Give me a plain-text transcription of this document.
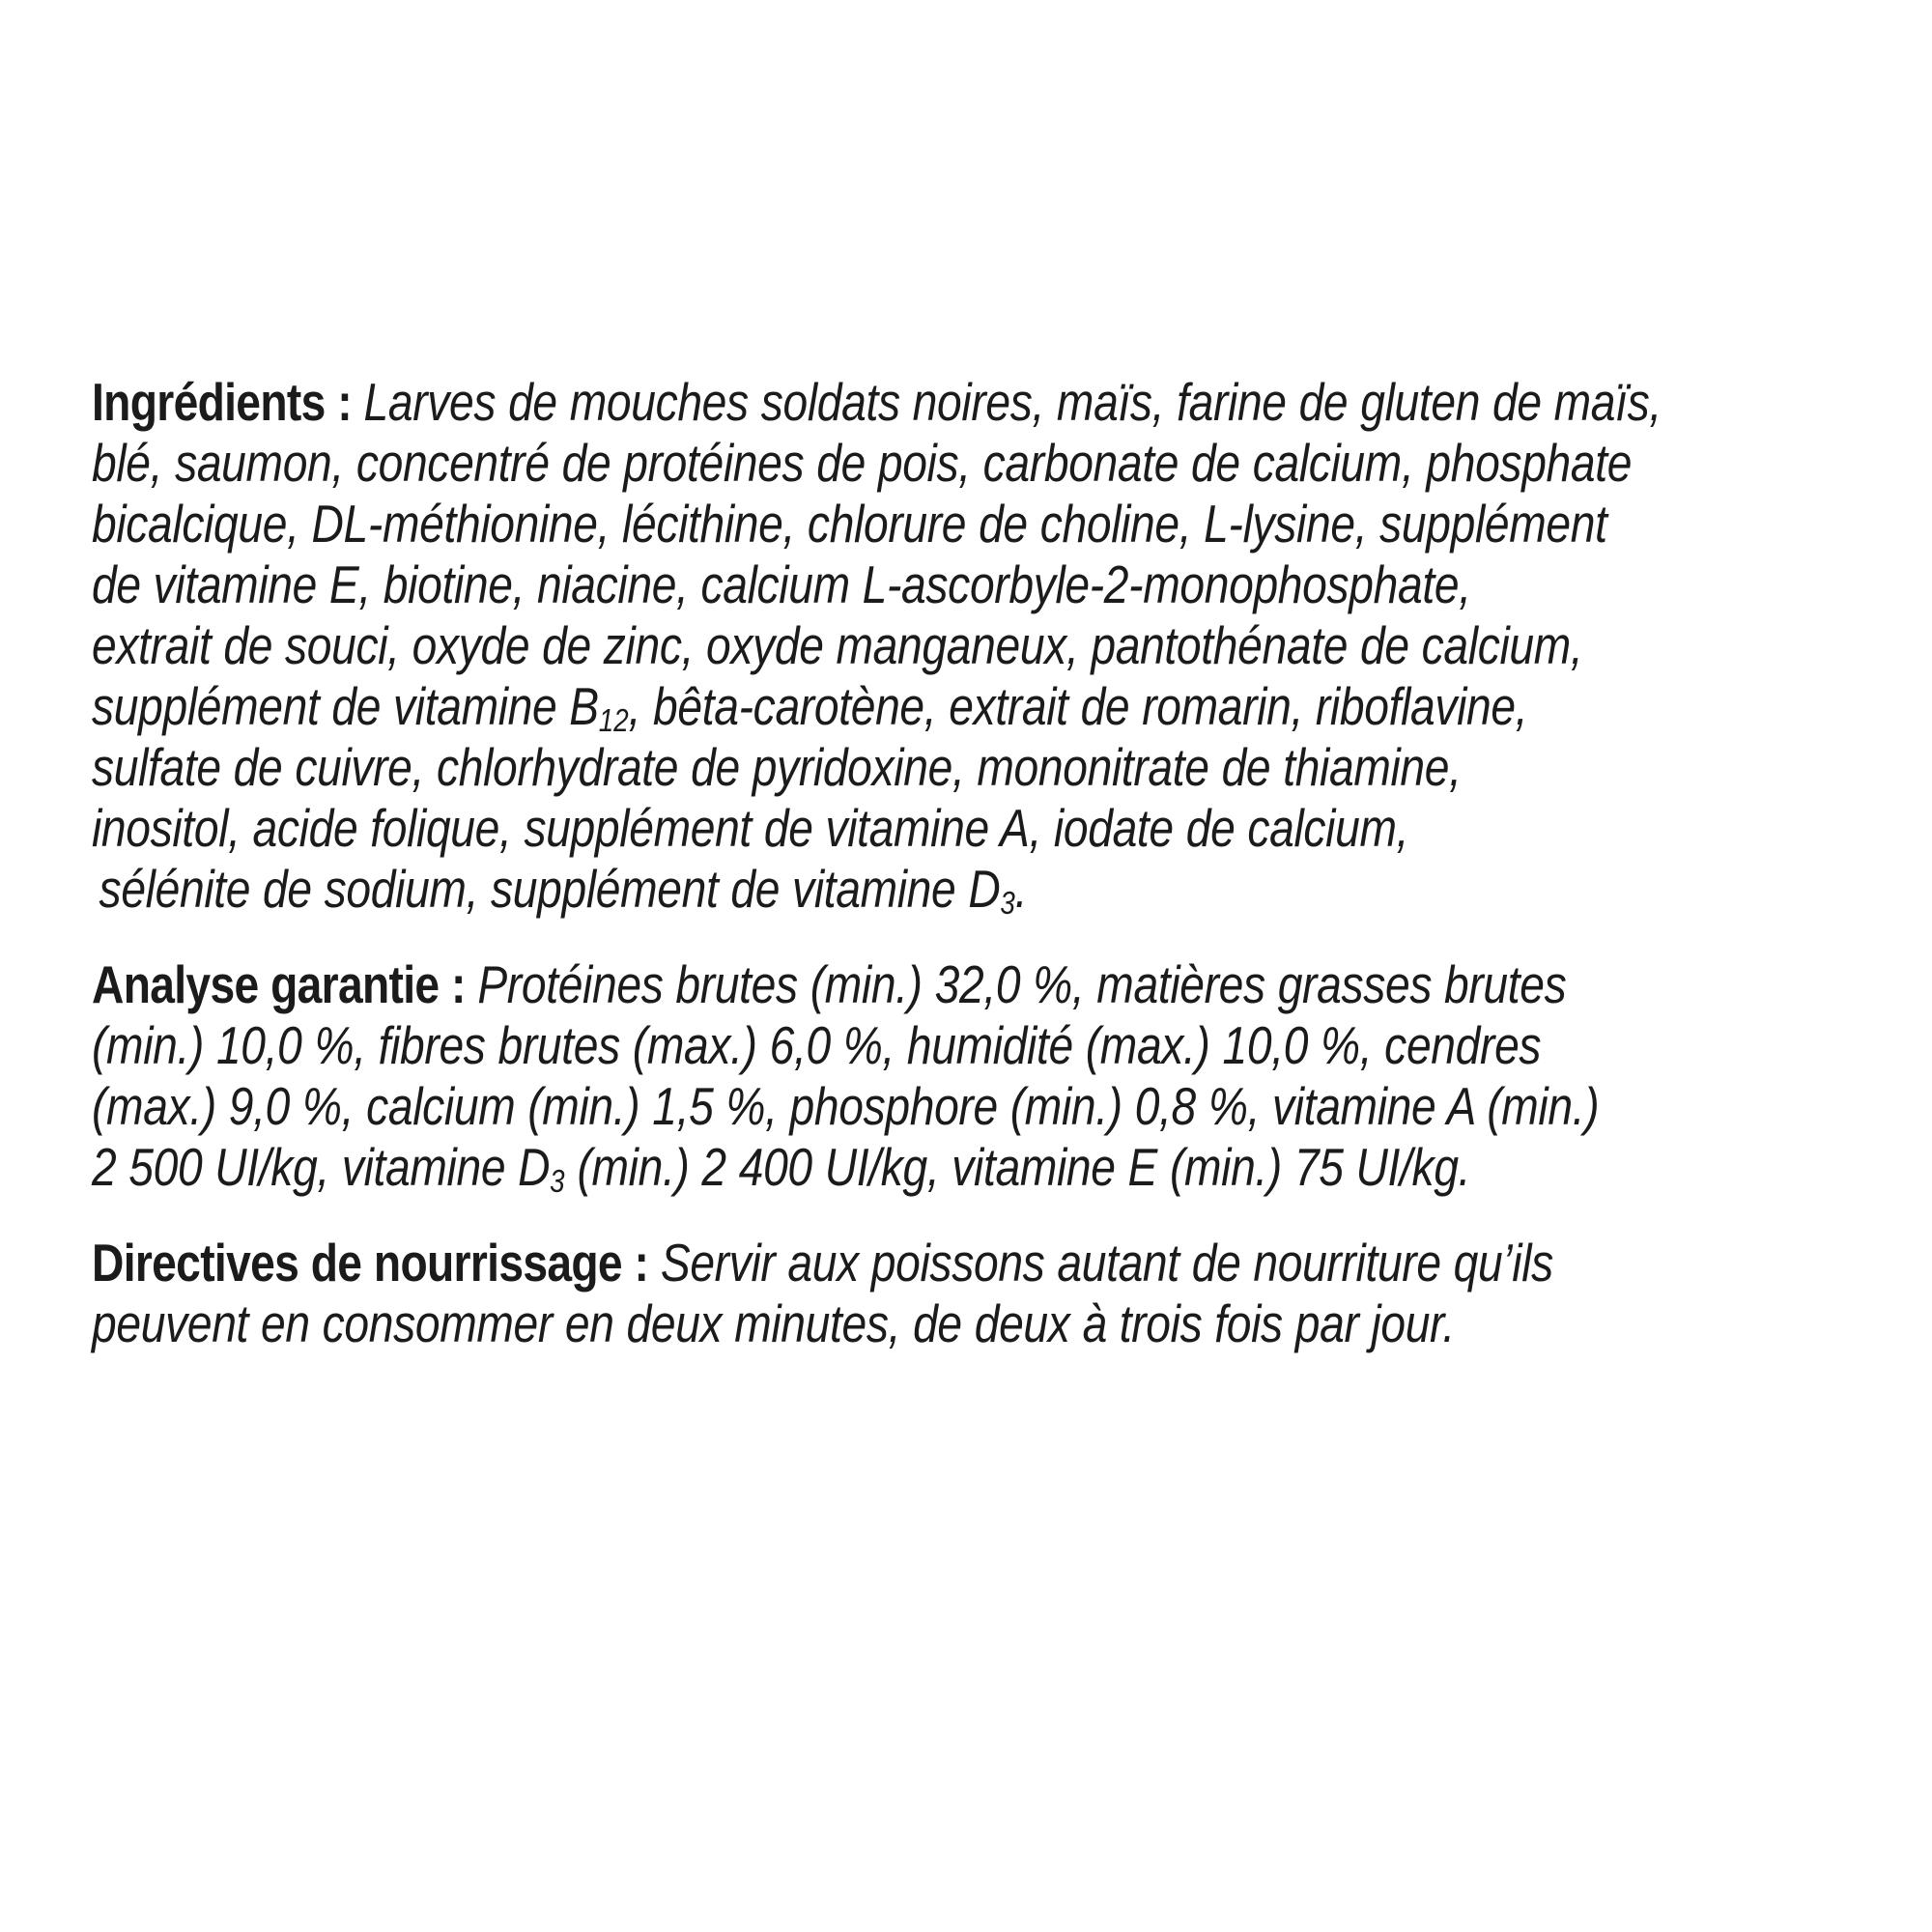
Ingrédients : Larves de mouches soldats noires, maïs, farine de gluten de maïs,
blé, saumon, concentré de protéines de pois, carbonate de calcium, phosphate
bicalcique, DL-méthionine, lécithine, chlorure de choline, L-lysine, supplément
de vitamine E, biotine, niacine, calcium L-ascorbyle-2-monophosphate,
extrait de souci, oxyde de zinc, oxyde manganeux, pantothénate de calcium,
supplément de vitamine $B_{12}$, bêta-carotène, extrait de romarin, riboflavine,
sulfate de cuivre, chlorhydrate de pyridoxine, mononitrate de thiamine,
inositol, acide folique, supplément de vitamine A, iodate de calcium,
sélénite de sodium, supplément de vitamine $D_3$.

Analyse garantie : Protéines brutes (min.) 32,0 %, matières grasses brutes
(min.) 10,0 %, fibres brutes (max.) 6,0 %, humidité (max.) 10,0 %, cendres
(max.) 9,0 %, calcium (min.) 1,5 %, phosphore (min.) 0,8 %, vitamine A (min.)
2 500 UI/kg, vitamine $D_3$ (min.) 2 400 UI/kg, vitamine E (min.) 75 UI/kg.

Directives de nourrissage : Servir aux poissons autant de nourriture qu’ils
peuvent en consommer en deux minutes, de deux à trois fois par jour.
